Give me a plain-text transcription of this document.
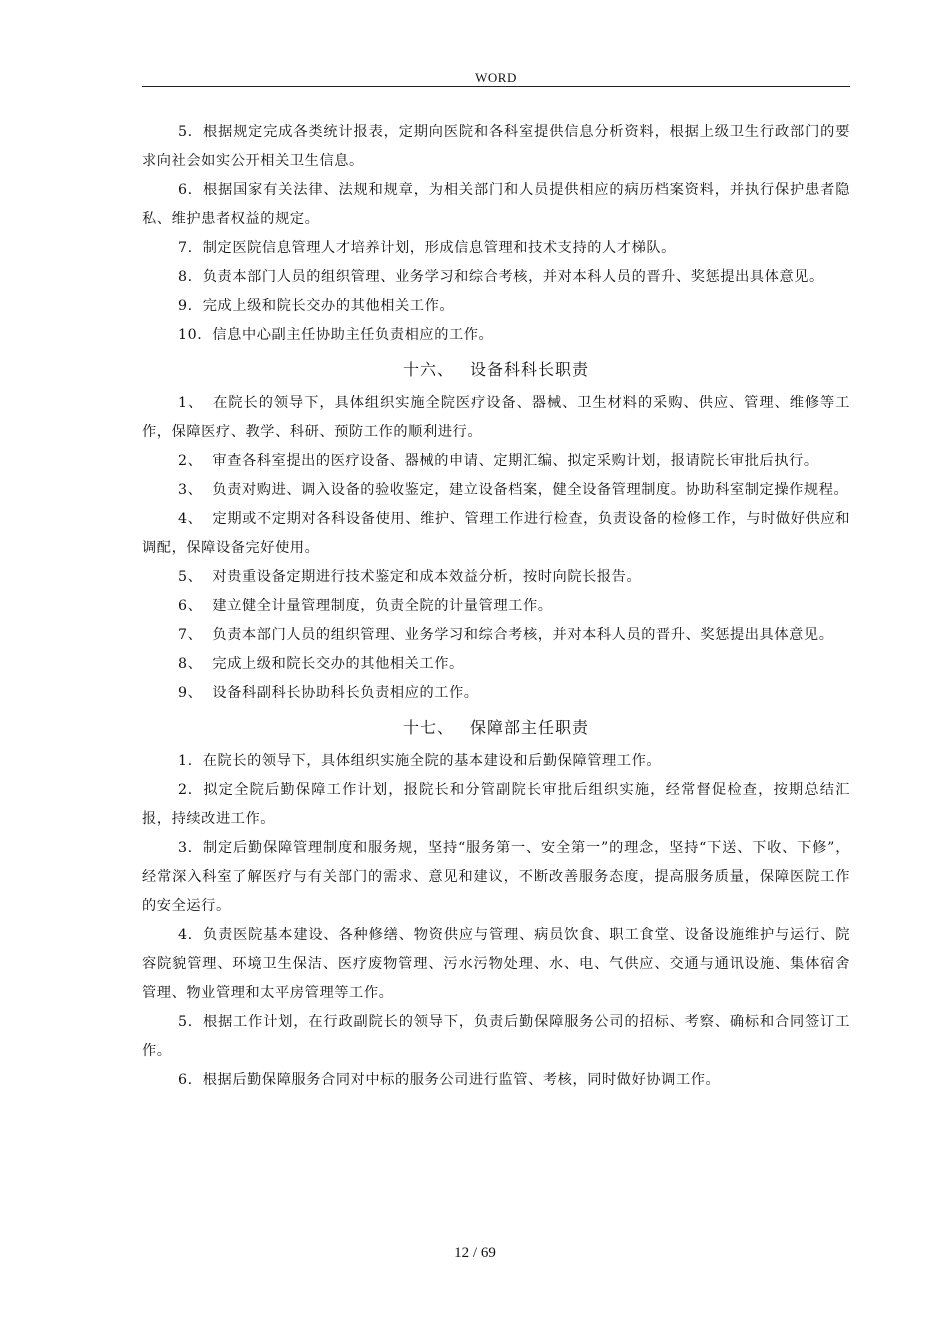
WORD
5. 根据规定完成各类统计报表，定期向医院和各科室提供信息分析资料，根据上级卫生行政部门的要求向社会如实公开相关卫生信息。
6. 根据国家有关法律、法规和规章，为相关部门和人员提供相应的病历档案资料，并执行保护患者隐私、维护患者权益的规定。
7. 制定医院信息管理人才培养计划，形成信息管理和技术支持的人才梯队。
8. 负责本部门人员的组织管理、业务学习和综合考核，并对本科人员的晋升、奖惩提出具体意见。
9. 完成上级和院长交办的其他相关工作。
10. 信息中心副主任协助主任负责相应的工作。
十六、 设备科科长职责
1、 在院长的领导下，具体组织实施全院医疗设备、器械、卫生材料的采购、供应、管理、维修等工作，保障医疗、教学、科研、预防工作的顺利进行。
2、 审查各科室提出的医疗设备、器械的申请、定期汇编、拟定采购计划，报请院长审批后执行。
3、 负责对购进、调入设备的验收鉴定，建立设备档案，健全设备管理制度。协助科室制定操作规程。
4、 定期或不定期对各科设备使用、维护、管理工作进行检查，负责设备的检修工作，与时做好供应和调配，保障设备完好使用。
5、 对贵重设备定期进行技术鉴定和成本效益分析，按时向院长报告。
6、 建立健全计量管理制度，负责全院的计量管理工作。
7、 负责本部门人员的组织管理、业务学习和综合考核，并对本科人员的晋升、奖惩提出具体意见。
8、 完成上级和院长交办的其他相关工作。
9、 设备科副科长协助科长负责相应的工作。
十七、 保障部主任职责
1. 在院长的领导下，具体组织实施全院的基本建设和后勤保障管理工作。
2. 拟定全院后勤保障工作计划，报院长和分管副院长审批后组织实施，经常督促检查，按期总结汇报，持续改进工作。
3. 制定后勤保障管理制度和服务规，坚持“服务第一、安全第一”的理念，坚持“下送、下收、下修”，经常深入科室了解医疗与有关部门的需求、意见和建议，不断改善服务态度，提高服务质量，保障医院工作的安全运行。
4. 负责医院基本建设、各种修缮、物资供应与管理、病员饮食、职工食堂、设备设施维护与运行、院容院貌管理、环境卫生保洁、医疗废物管理、污水污物处理、水、电、气供应、交通与通讯设施、集体宿舍管理、物业管理和太平房管理等工作。
5. 根据工作计划，在行政副院长的领导下，负责后勤保障服务公司的招标、考察、确标和合同签订工作。
6. 根据后勤保障服务合同对中标的服务公司进行监管、考核，同时做好协调工作。
12 / 69
